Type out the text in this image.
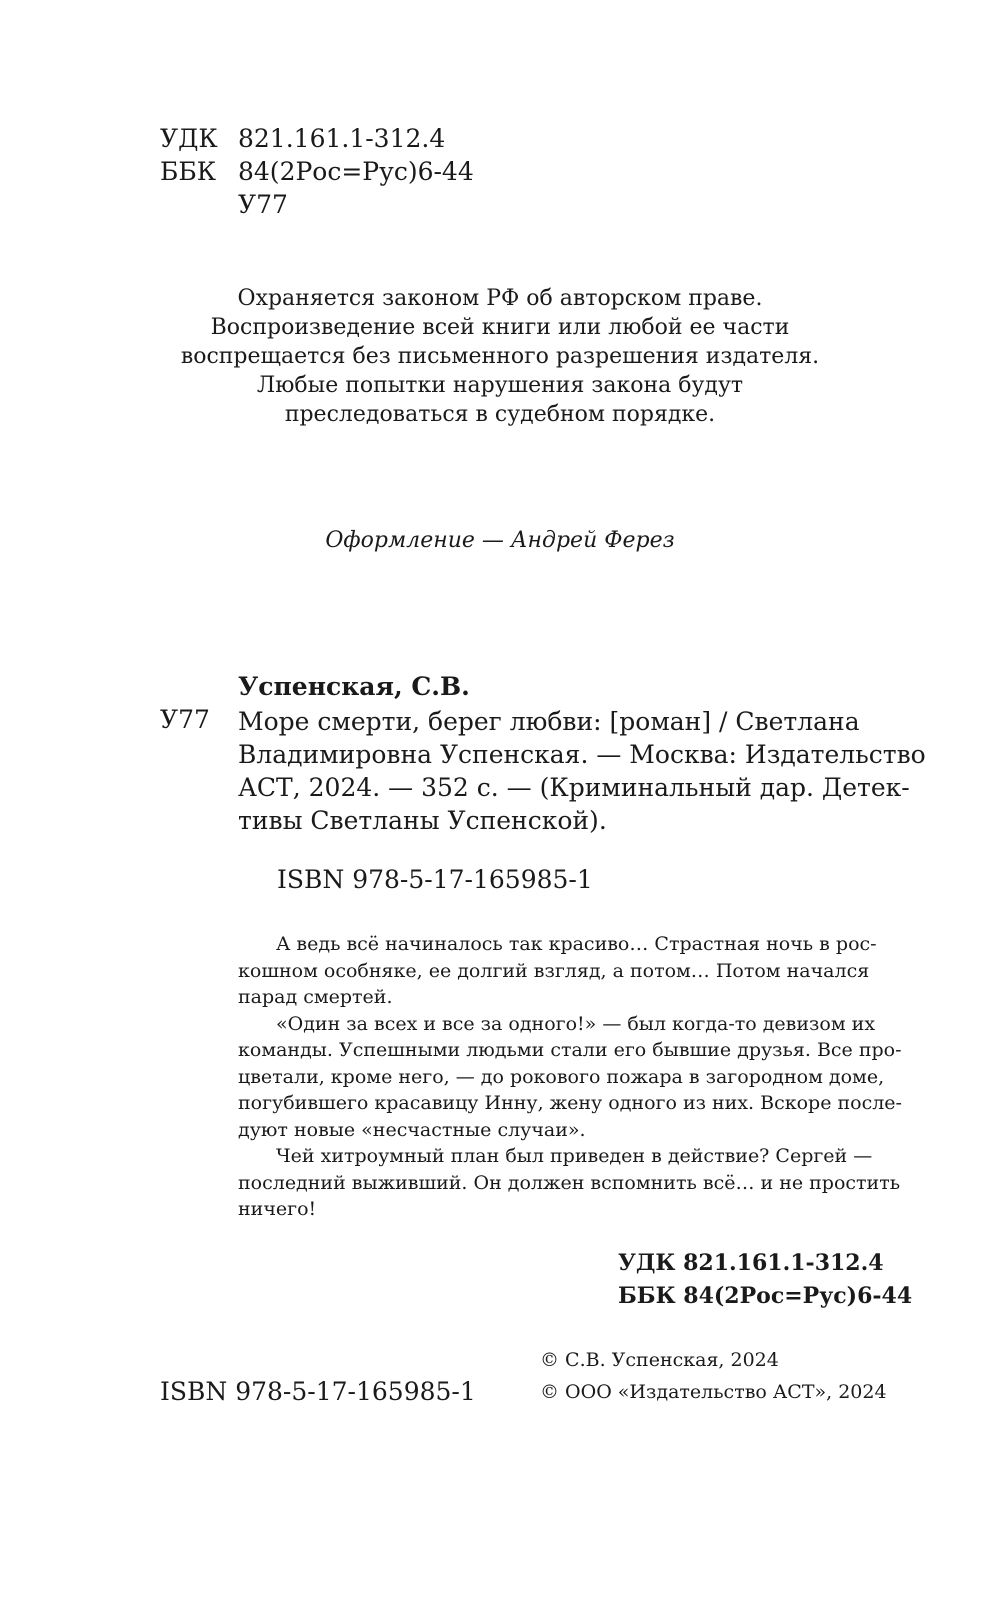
УДК 821.161.1-312.4
ББК 84(2Рос=Рус)6-44
У77
Охраняется законом РФ об авторском праве.
Воспроизведение всей книги или любой ее части
воспрещается без письменного разрешения издателя.
Любые попытки нарушения закона будут
преследоваться в судебном порядке.
Оформление — Андрей Ферез
Успенская, С.В.
У77 Море смерти, берег любви: [роман] / Светлана
Владимировна Успенская. — Москва: Издательство
АСТ, 2024. — 352 с. — (Криминальный дар. Детек-
тивы Светланы Успенской).
ISBN 978-5-17-165985-1
А ведь всё начиналось так красиво… Страстная ночь в рос-
кошном особняке, ее долгий взгляд, а потом… Потом начался
парад смертей.
«Один за всех и все за одного!» — был когда-то девизом их
команды. Успешными людьми стали его бывшие друзья. Все про-
цветали, кроме него, — до рокового пожара в загородном доме,
погубившего красавицу Инну, жену одного из них. Вскоре после-
дуют новые «несчастные случаи».
Чей хитроумный план был приведен в действие? Сергей —
последний выживший. Он должен вспомнить всё… и не простить
ничего!
УДК 821.161.1-312.4
ББК 84(2Рос=Рус)6-44
© С.В. Успенская, 2024
© ООО «Издательство АСТ», 2024
ISBN 978-5-17-165985-1
